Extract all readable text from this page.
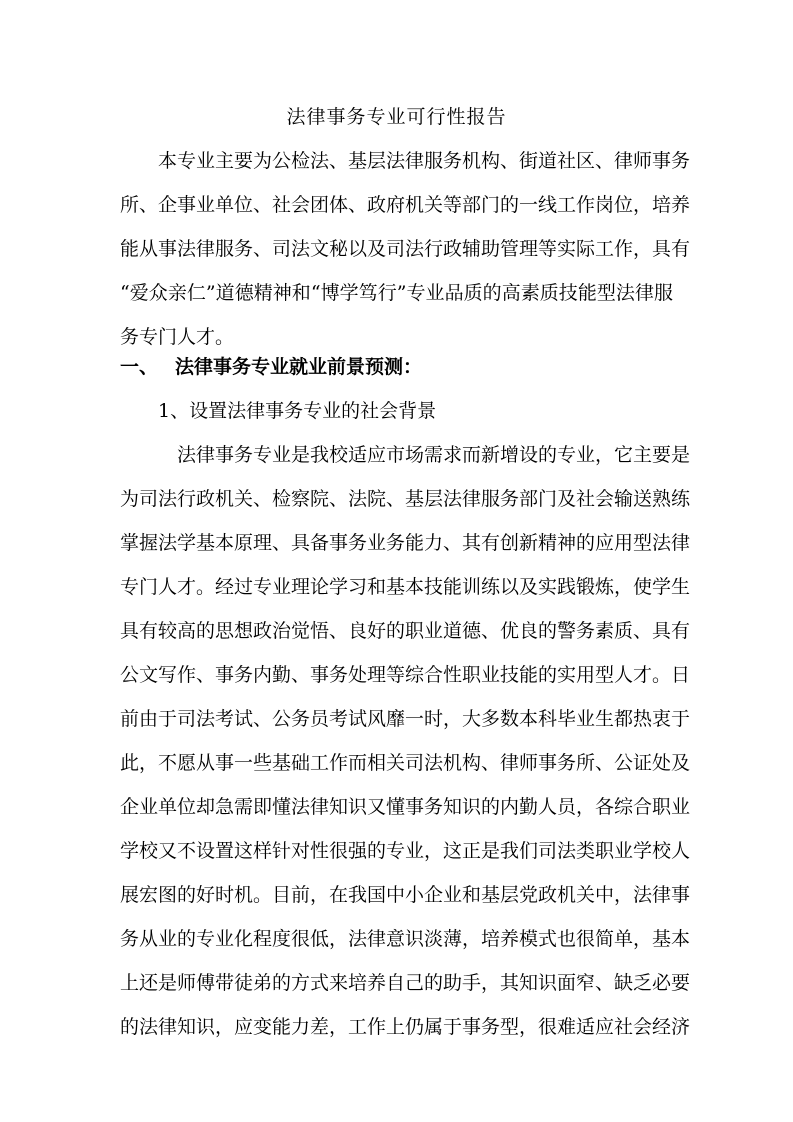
法律事务专业可行性报告
本专业主要为公检法、基层法律服务机构、街道社区、律师事务
所、企事业单位、社会团体、政府机关等部门的一线工作岗位，培养
能从事法律服务、司法文秘以及司法行政辅助管理等实际工作，具有
“爱众亲仁”道德精神和“博学笃行”专业品质的高素质技能型法律服
务专门人才。
一、 法律事务专业就业前景预测：
1、设置法律事务专业的社会背景
法律事务专业是我校适应市场需求而新增设的专业，它主要是
为司法行政机关、检察院、法院、基层法律服务部门及社会输送熟练
掌握法学基本原理、具备事务业务能力、其有创新精神的应用型法律
专门人才。经过专业理论学习和基本技能训练以及实践锻炼，使学生
具有较高的思想政治觉悟、良好的职业道德、优良的警务素质、具有
公文写作、事务内勤、事务处理等综合性职业技能的实用型人才。日
前由于司法考试、公务员考试风靡一时，大多数本科毕业生都热衷于
此，不愿从事一些基础工作而相关司法机构、律师事务所、公证处及
企业单位却急需即懂法律知识又懂事务知识的内勤人员，各综合职业
学校又不设置这样针对性很强的专业，这正是我们司法类职业学校人
展宏图的好时机。目前，在我国中小企业和基层党政机关中，法律事
务从业的专业化程度很低，法律意识淡薄，培养模式也很简单，基本
上还是师傅带徒弟的方式来培养自己的助手，其知识面窄、缺乏必要
的法律知识，应变能力差，工作上仍属于事务型，很难适应社会经济
